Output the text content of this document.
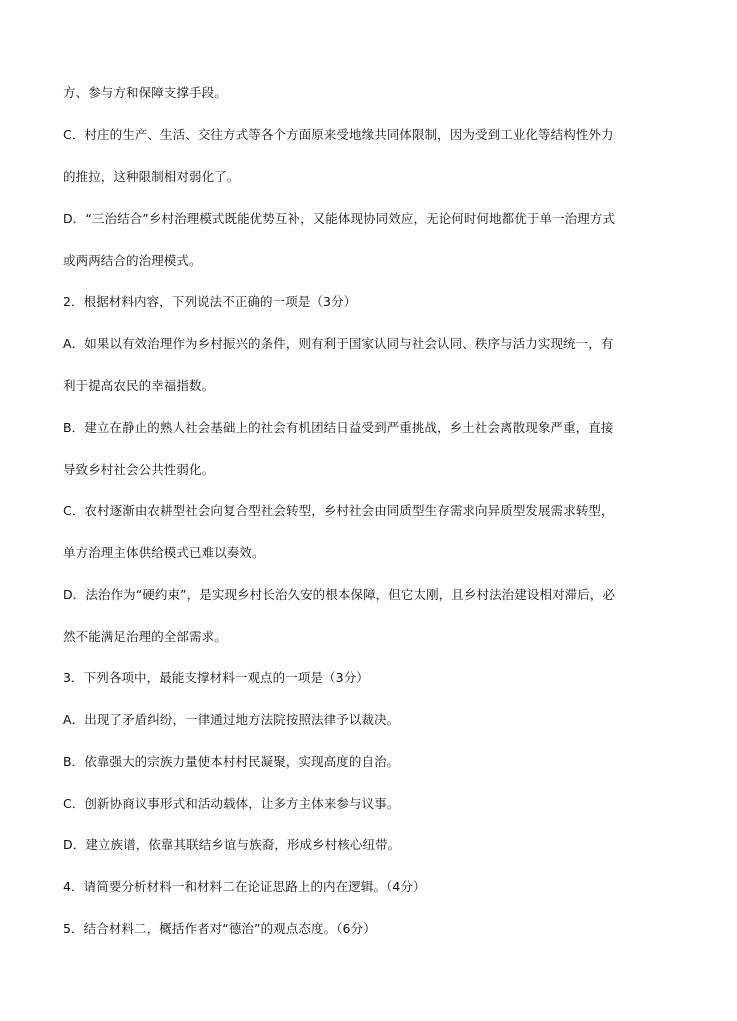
方、参与方和保障支撑手段。
C．村庄的生产、生活、交往方式等各个方面原来受地缘共同体限制，因为受到工业化等结构性外力
的推拉，这种限制相对弱化了。
D．“三治结合”乡村治理模式既能优势互补，又能体现协同效应，无论何时何地都优于单一治理方式
或两两结合的治理模式。
2．根据材料内容，下列说法不正确的一项是（3分）
A．如果以有效治理作为乡村振兴的条件，则有利于国家认同与社会认同、秩序与活力实现统一，有
利于提高农民的幸福指数。
B．建立在静止的熟人社会基础上的社会有机团结日益受到严重挑战，乡土社会离散现象严重，直接
导致乡村社会公共性弱化。
C．农村逐渐由农耕型社会向复合型社会转型，乡村社会由同质型生存需求向异质型发展需求转型，
单方治理主体供给模式已难以奏效。
D．法治作为“硬约束”，是实现乡村长治久安的根本保障，但它太刚，且乡村法治建设相对滞后，必
然不能满足治理的全部需求。
3．下列各项中，最能支撑材料一观点的一项是（3分）
A．出现了矛盾纠纷，一律通过地方法院按照法律予以裁决。
B．依靠强大的宗族力量使本村村民凝聚，实现高度的自治。
C．创新协商议事形式和活动载体，让多方主体来参与议事。
D．建立族谱，依靠其联结乡谊与族裔，形成乡村核心纽带。
4．请简要分析材料一和材料二在论证思路上的内在逻辑。（4分）
5．结合材料二，概括作者对“德治”的观点态度。（6分）
